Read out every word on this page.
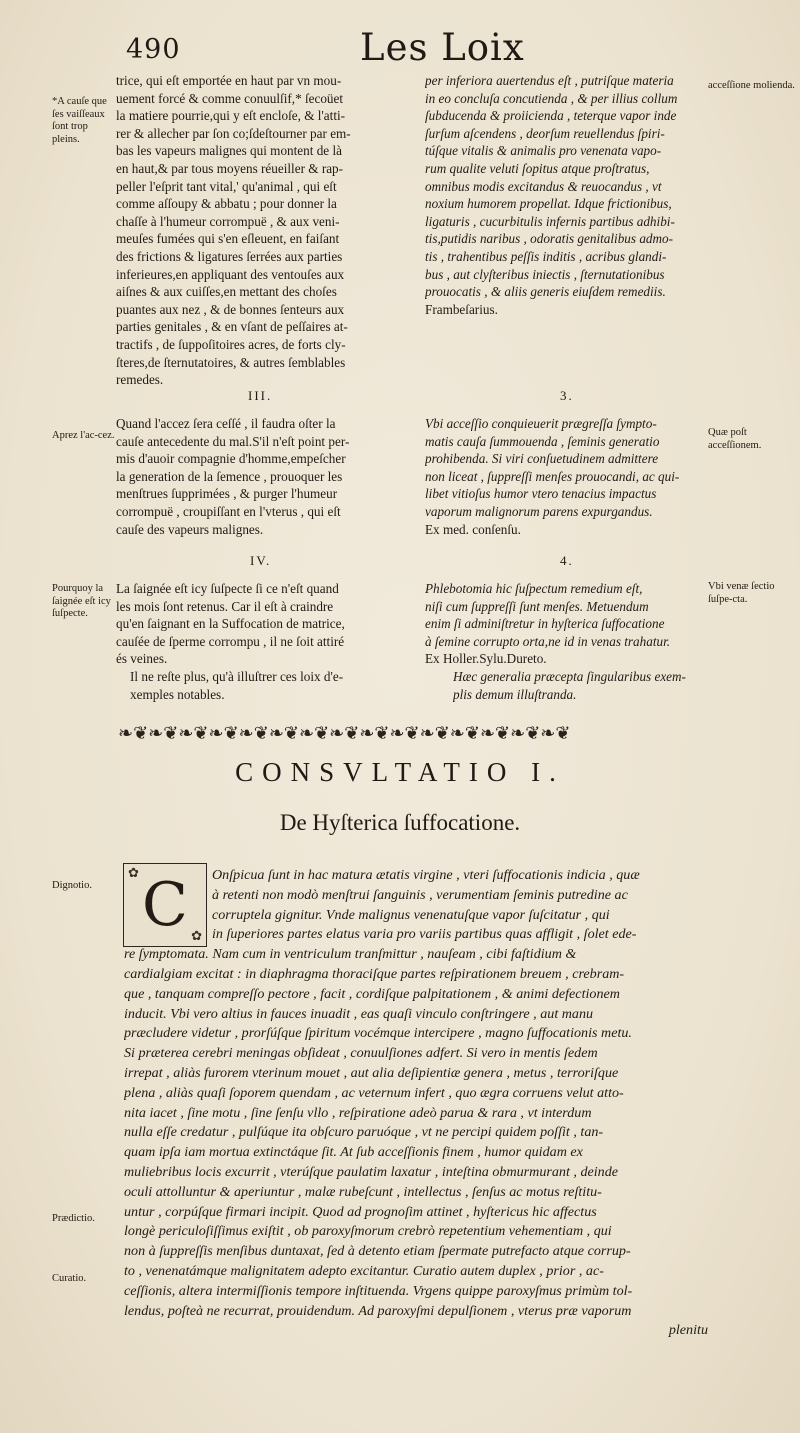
490	Les Loix

trice, qui eſt emportée en haut par vn mou-
uement forcé & comme conuulſif,* ſecoüet
la matiere pourrie,qui y eſt encloſe, & l'atti-
rer & allecher par ſon co;ſdeſtourner par em-
bas les vapeurs malignes qui montent de là
en haut,& par tous moyens réueiller & rap-
peller l'eſprit tant vital,' qu'animal , qui eſt
comme aſſoupy & abbatu ; pour donner la
chaſſe à l'humeur corrompuë , & aux veni-
meuſes fumées qui s'en eſleuent, en faiſant
des frictions & ligatures ſerrées aux parties
inferieures,en appliquant des ventouſes aux
aiſnes & aux cuiſſes,en mettant des choſes
puantes aux nez , & de bonnes ſenteurs aux
parties genitales , & en vſant de peſſaires at-
tractifs , de ſuppoſitoires acres, de forts cly-
ſteres,de ſternutatoires, & autres ſemblables
remedes.

III.

Quand l'accez ſera ceſſé , il faudra oſter la
cauſe antecedente du mal.S'il n'eſt point per-
mis d'auoir compagnie d'homme,empeſcher
la generation de la ſemence , prouoquer les
menſtrues ſupprimées , & purger l'humeur
corrompuë , croupiſſant en l'vterus , qui eſt
cauſe des vapeurs malignes.

IV.

La ſaignée eſt icy ſuſpecte ſi ce n'eſt quand
les mois ſont retenus. Car il eſt à craindre
qu'en ſaignant en la Suffocation de matrice,
cauſée de ſperme corrompu , il ne ſoit attiré
és veines.

Il ne reſte plus, qu'à illuſtrer ces loix d'e-
xemples notables.

per inferiora auertendus eſt , putriſque materia
in eo concluſa concutienda , & per illius collum
ſubducenda & proiicienda , teterque vapor inde
ſurſum aſcendens , deorſum reuellendus ſpiri-
túſque vitalis & animalis pro venenata vapo-
rum qualite veluti ſopitus atque proſtratus,
omnibus modis excitandus & reuocandus , vt
noxium humorem propellat. Idque frictionibus,
ligaturis , cucurbitulis infernis partibus adhibi-
tis,putidis naribus , odoratis genitalibus admo-
tis , trahentibus peſſis inditis , acribus glandi-
bus , aut clyſteribus iniectis , ſternutationibus
prouocatis , & aliis generis eiuſdem remediis.

Frambeſarius.
3.

Vbi acceſſio conquieuerit prægreſſa ſympto-
matis cauſa ſummouenda , ſeminis generatio
prohibenda. Si viri conſuetudinem admittere
non liceat , ſuppreſſi menſes prouocandi, ac qui-
libet vitioſus humor vtero tenacius impactus
vaporum malignorum parens expurgandus.

Ex med. conſenſu.
4.

Phlebotomia hic ſuſpectum remedium eſt,
niſi cum ſuppreſſi ſunt menſes. Metuendum
enim ſi adminiſtretur in hyſterica ſuffocatione
à ſemine corrupto orta,ne id in venas trahatur.

Ex Holler.Sylu.Dureto.

Hæc generalia præcepta ſingularibus exem-
plis demum illuſtranda.

*A cauſe que ſes vaiſſeaux ſont trop pleins.
Aprez l'ac-cez.
Pourquoy la ſaignée eſt icy ſuſpecte.
acceſſione molienda.
Quæ poſt acceſſionem.
Vbi venæ ſectio ſuſpe-cta.
Dignotio.
Prædictio.
Curatio.
❧❦❧❦❧❦❧❦❧❦❧❦❧❦❧❦❧❦❧❦❧❦❧❦❧❦❧❦❧❦
CONSVLTATIO I.
De Hyſterica ſuffocatione.
✿
✿
C	Onſpicua ſunt in hac matura ætatis virgine , vteri ſuffocationis indicia , quæ
à retenti non modò menſtrui ſanguinis , verumentiam ſeminis putredine ac
corruptela gignitur. Vnde malignus venenatuſque vapor ſuſcitatur , qui
in ſuperiores partes elatus varia pro variis partibus quas affligit , ſolet ede-
re ſymptomata. Nam cum in ventriculum tranſmittur , nauſeam , cibi faſtidium &
cardialgiam excitat : in diaphragma thoraciſque partes reſpirationem breuem , crebram-
que , tanquam compreſſo pectore , facit , cordiſque palpitationem , & animi defectionem
inducit. Vbi vero altius in fauces inuadit , eas quaſi vinculo conſtringere , aut manu
præcludere videtur , prorſúſque ſpiritum vocémque intercipere , magno ſuffocationis metu.
Si præterea cerebri meningas obſideat , conuulſiones adfert. Si vero in mentis ſedem
irrepat , aliàs furorem vterinum mouet , aut alia deſipientiæ genera , metus , terroriſque
plena , aliàs quaſi ſoporem quendam , ac veternum infert , quo ægra corruens velut atto-
nita iacet , ſine motu , ſine ſenſu vllo , reſpiratione adeò parua & rara , vt interdum
nulla eſſe credatur , pulſúque ita obſcuro paruóque , vt ne percipi quidem poſſit , tan-
quam ipſa iam mortua extinctáque ſit. At ſub acceſſionis finem , humor quidam ex
muliebribus locis excurrit , vterúſque paulatim laxatur , inteſtina obmurmurant , deinde
oculi attolluntur & aperiuntur , malæ rubeſcunt , intellectus , ſenſus ac motus reſtitu-
untur , corpúſque firmari incipit. Quod ad prognoſim attinet , hyſtericus hic affectus
longè periculoſiſſimus exiſtit , ob paroxyſmorum crebrò repetentium vehementiam , qui
non à ſuppreſſis menſibus duntaxat, ſed à detento etiam ſpermate putrefacto atque corrup-
to , venenatámque malignitatem adepto excitantur. Curatio autem duplex , prior , ac-
ceſſionis, altera intermiſſionis tempore inſtituenda. Vrgens quippe paroxyſmus primùm tol-
lendus, poſteà ne recurrat, prouidendum. Ad paroxyſmi depulſionem , vterus præ vaporum
plenitu
